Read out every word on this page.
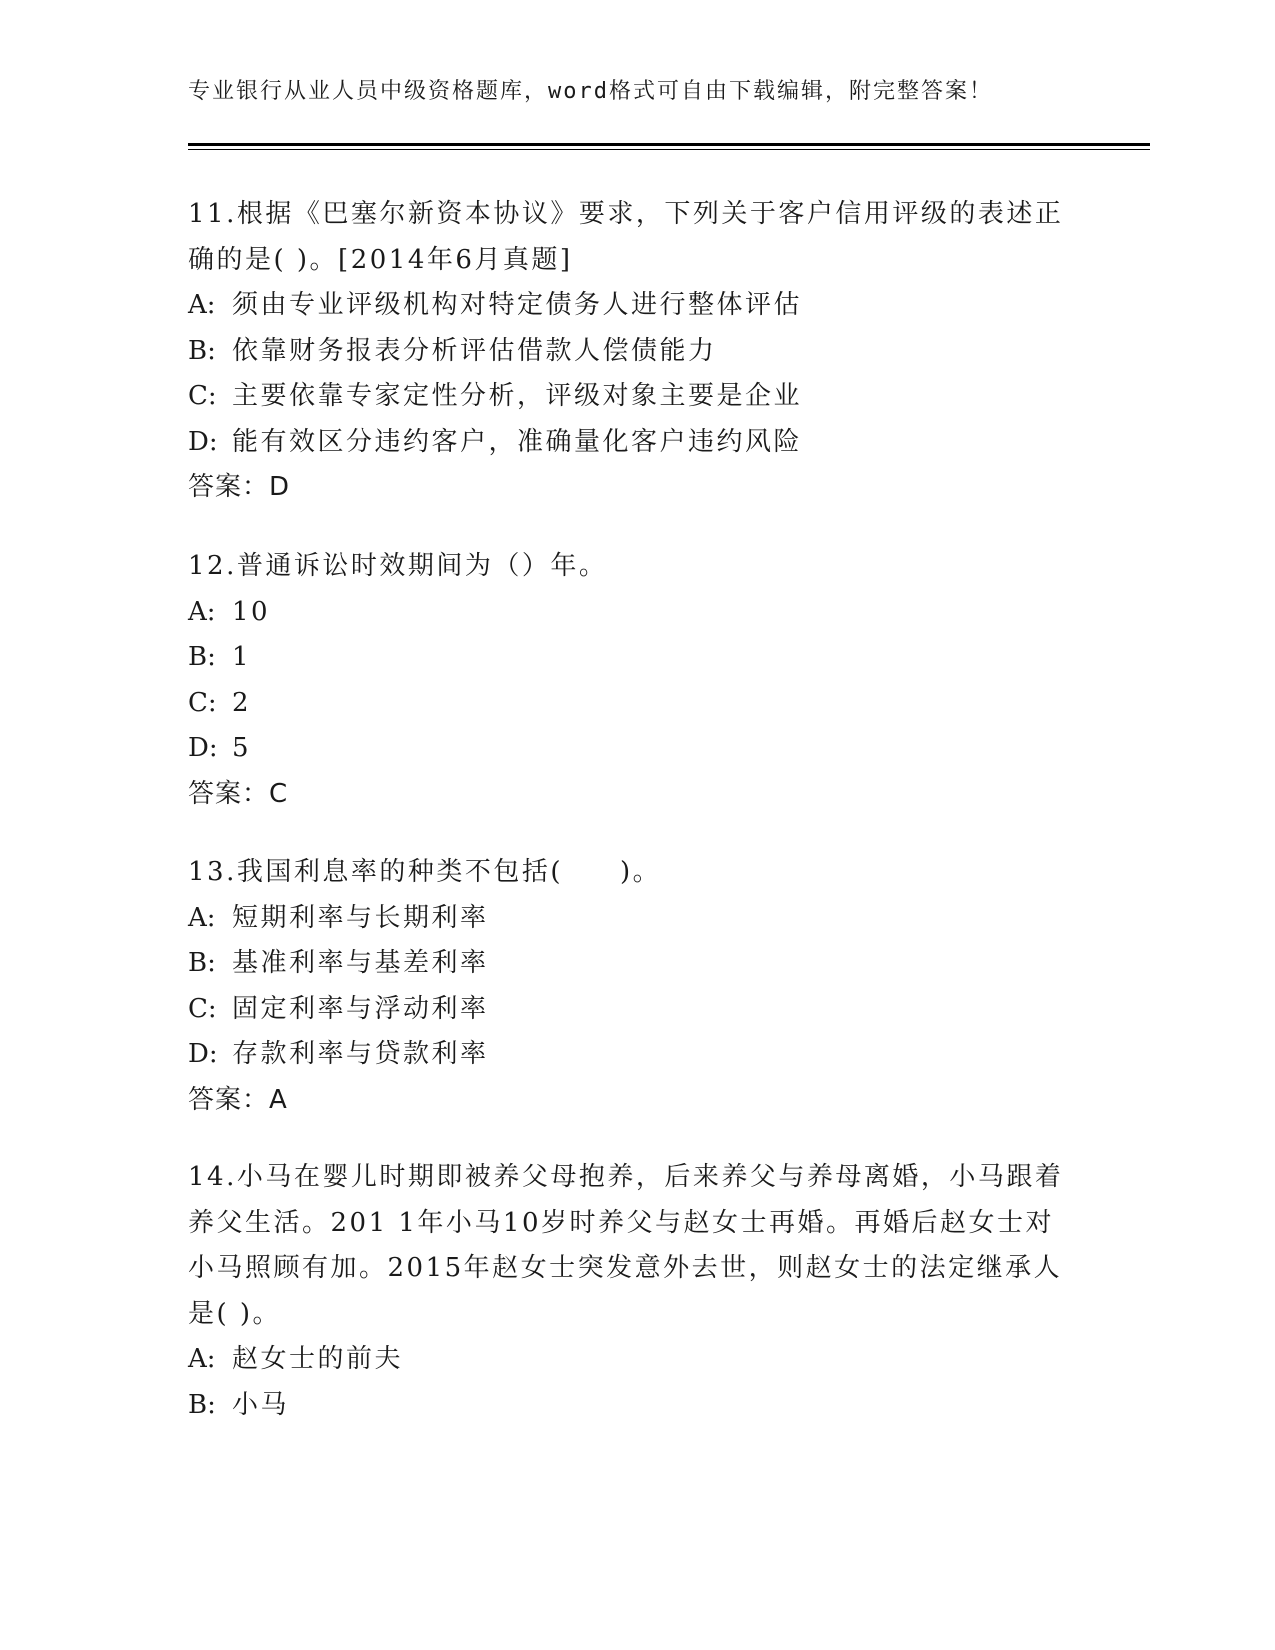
专业银行从业人员中级资格题库，word格式可自由下载编辑，附完整答案！
11.根据《巴塞尔新资本协议》要求，下列关于客户信用评级的表述正
确的是( )。[2014年6月真题]
A: 须由专业评级机构对特定债务人进行整体评估
B: 依靠财务报表分析评估借款人偿债能力
C: 主要依靠专家定性分析，评级对象主要是企业
D: 能有效区分违约客户，准确量化客户违约风险
答案：D
12.普通诉讼时效期间为（）年。
A: 10
B: 1
C: 2
D: 5
答案：C
13.我国利息率的种类不包括(　　)。
A: 短期利率与长期利率
B: 基准利率与基差利率
C: 固定利率与浮动利率
D: 存款利率与贷款利率
答案：A
14.小马在婴儿时期即被养父母抱养，后来养父与养母离婚，小马跟着
养父生活。201 1年小马10岁时养父与赵女士再婚。再婚后赵女士对
小马照顾有加。2015年赵女士突发意外去世，则赵女士的法定继承人
是( )。
A: 赵女士的前夫
B: 小马
